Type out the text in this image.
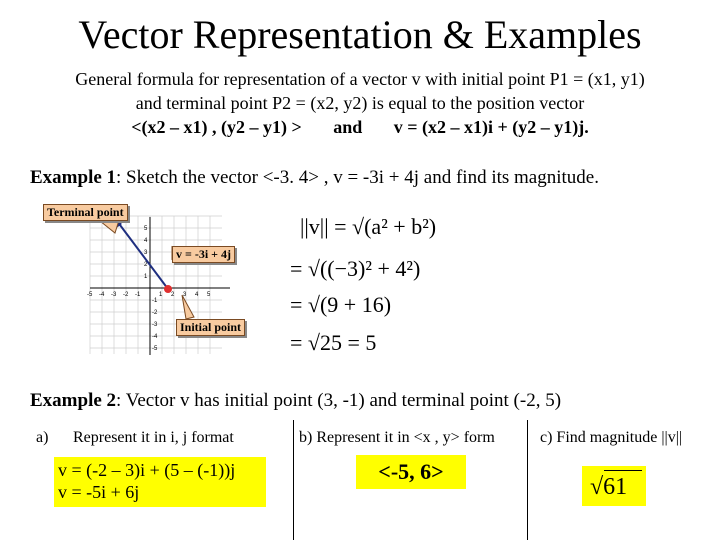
Vector Representation & Examples
General formula for representation of a vector v with initial point P1 = (x1, y1)
and terminal point P2 = (x2, y2) is equal to the position vector
<(x2 – x1) , (y2 – y1) > and v = (x2 – x1)i + (y2 – y1)j.
Example 1: Sketch the vector <-3. 4> , v = -3i + 4j and find its magnitude.
-5 -4 -3 -2 -1	1 2 3 4 5
5
4
3
2
1
-1
-2
-3
-4
-5
Terminal point
v = -3i + 4j
Initial point
||v|| = √(a² + b²)
= √((−3)² + 4²)
= √(9 + 16)
= √25 = 5
Example 2: Vector v has initial point (3, -1) and terminal point (-2, 5)
a) Represent it in i, j format
v = (-2 – 3)i + (5 – (-1))j
v = -5i + 6j
b) Represent it in <x , y> form
<-5, 6>
c) Find magnitude ||v||
√61
